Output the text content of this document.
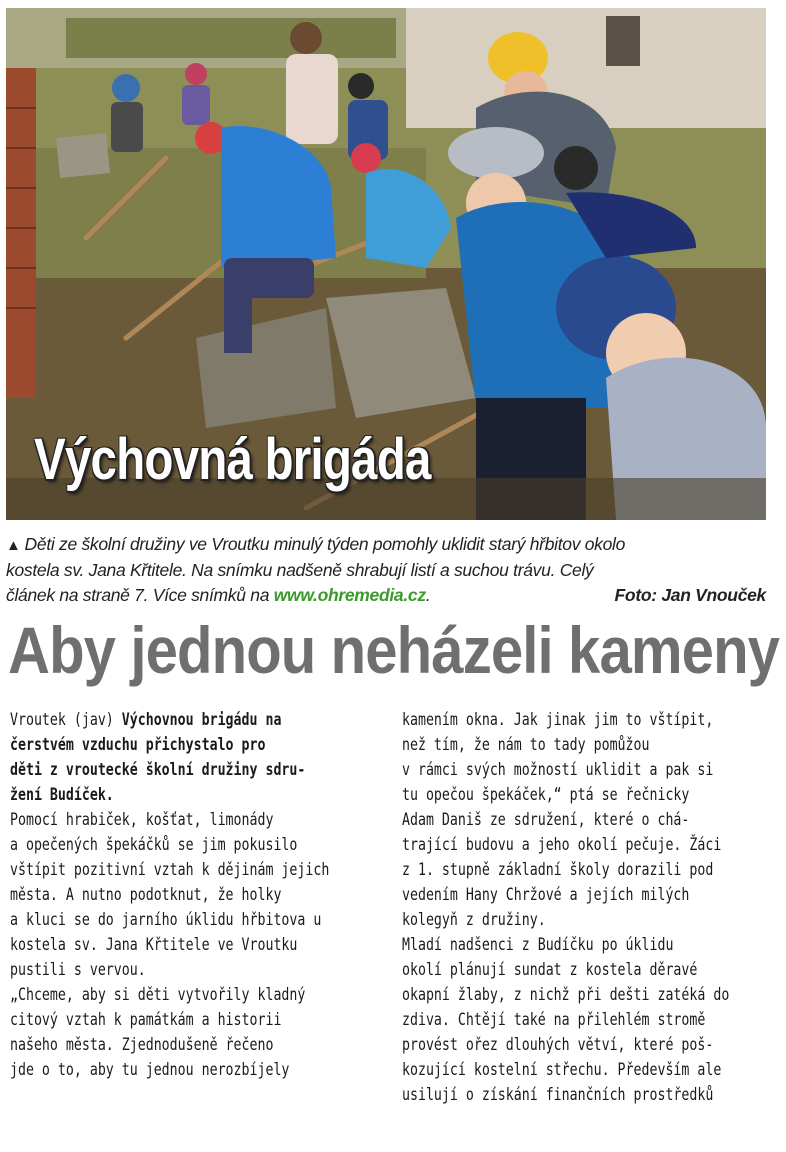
Výchovná brigáda
▲ Děti ze školní družiny ve Vroutku minulý týden pomohly uklidit starý hřbitov okolo
kostela sv. Jana Křtitele. Na snímku nadšeně shrabují listí a suchou trávu. Celý
článek na straně 7. Více snímků na www.ohremedia.cz.	Foto: Jan Vnouček
Aby jednou neházeli kameny
Vroutek (jav) Výchovnou brigádu na
čerstvém vzduchu přichystalo pro
děti z vroutecké školní družiny sdru-
žení Budíček.
Pomocí hrabiček, košťat, limonády
a opečených špekáčků se jim pokusilo
vštípit pozitivní vztah k dějinám jejich
města. A nutno podotknut, že holky
a kluci se do jarního úklidu hřbitova u
kostela sv. Jana Křtitele ve Vroutku
pustili s vervou.
„Chceme, aby si děti vytvořily kladný
citový vztah k památkám a historii
našeho města. Zjednodušeně řečeno
jde o to, aby tu jednou nerozbíjely
kamením okna. Jak jinak jim to vštípit,
než tím, že nám to tady pomůžou
v rámci svých možností uklidit a pak si
tu opečou špekáček,“ ptá se řečnicky
Adam Daniš ze sdružení, které o chá-
trající budovu a jeho okolí pečuje. Žáci
z 1. stupně základní školy dorazili pod
vedením Hany Chržové a jejích milých
kolegyň z družiny.
Mladí nadšenci z Budíčku po úklidu
okolí plánují sundat z kostela děravé
okapní žlaby, z nichž při dešti zatéká do
zdiva. Chtějí také na přilehlém stromě
provést ořez dlouhých větví, které poš-
kozující kostelní střechu. Především ale
usilují o získání finančních prostředků
